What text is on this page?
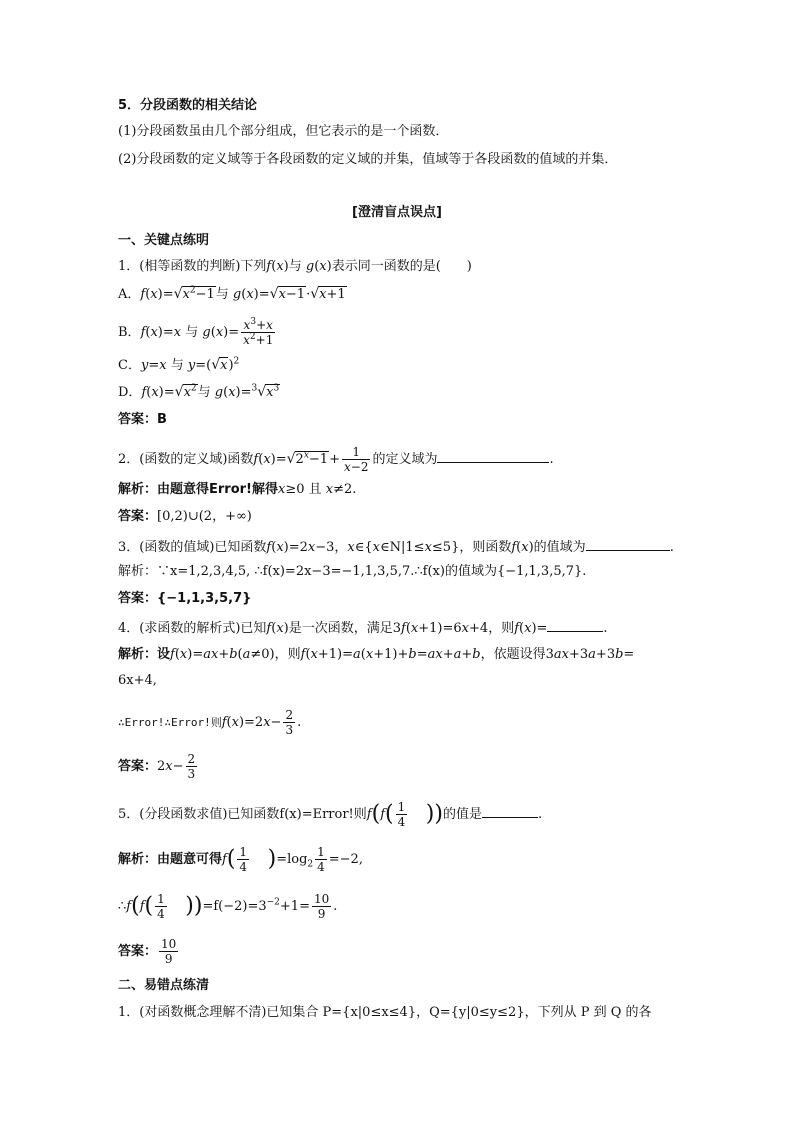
5．分段函数的相关结论
(1)分段函数虽由几个部分组成，但它表示的是一个函数．
(2)分段函数的定义域等于各段函数的定义域的并集，值域等于各段函数的值域的并集．
[澄清盲点误点]
一、关键点练明
1．(相等函数的判断)下列f(x)与 g(x)表示同一函数的是(　　)
A．$f(x)=√x^2-1$与 g(x)=√x−1·√x+1
B．f(x)=x 与 $g(x)= \frac{x^3+x}{x^2+1}$
C．y=x 与 $y=(√x)^2$
D．$f(x)=√x^2$与 $g(x)=^3√x^3$
答案：B
2．(函数的定义域)函数$f(x)=√2^x-1+ \frac{1}{x-2}$ 的定义域为	.
解析：由题意得Error!解得x≥0 且 x≠2.
答案：[0,2)∪(2，+∞)
3．(函数的值域)已知函数f(x)=2x−3，x∈{x∈N|1≤x≤5}，则函数f(x)的值域为	.
解析：∵x=1,2,3,4,5, ∴f(x)=2x−3=−1,1,3,5,7.∴f(x)的值域为{−1,1,3,5,7}.
答案：{−1,1,3,5,7}
4．(求函数的解析式)已知f(x)是一次函数，满足3f(x+1)=6x+4，则f(x)=	.
解析：设f(x)=ax+b(a≠0)，则f(x+1)=a(x+1)+b=ax+a+b，依题设得3ax+3a+3b=
6x+4,
∴Error!∴Error!则$f(x)=2x- \frac{2}{3}$ .
答案：$2x- \frac{2}{3}$
5．(分段函数求值)已知函数f(x)=Error!则$f(f( \frac{1}{4}$ ))的值是	.
解析：由题意可得$f( \frac{1}{4} )=\log_2 \frac{1}{4} =-2$,
∴f(f( $\frac{1}{4} ))=f(-2)=3^{-2}+1= \frac{10}{9}$ .
答案： $\frac{10}{9}$
二、易错点练清
1．(对函数概念理解不清)已知集合 P={x|0≤x≤4}，Q={y|0≤y≤2}，下列从 P 到 Q 的各
